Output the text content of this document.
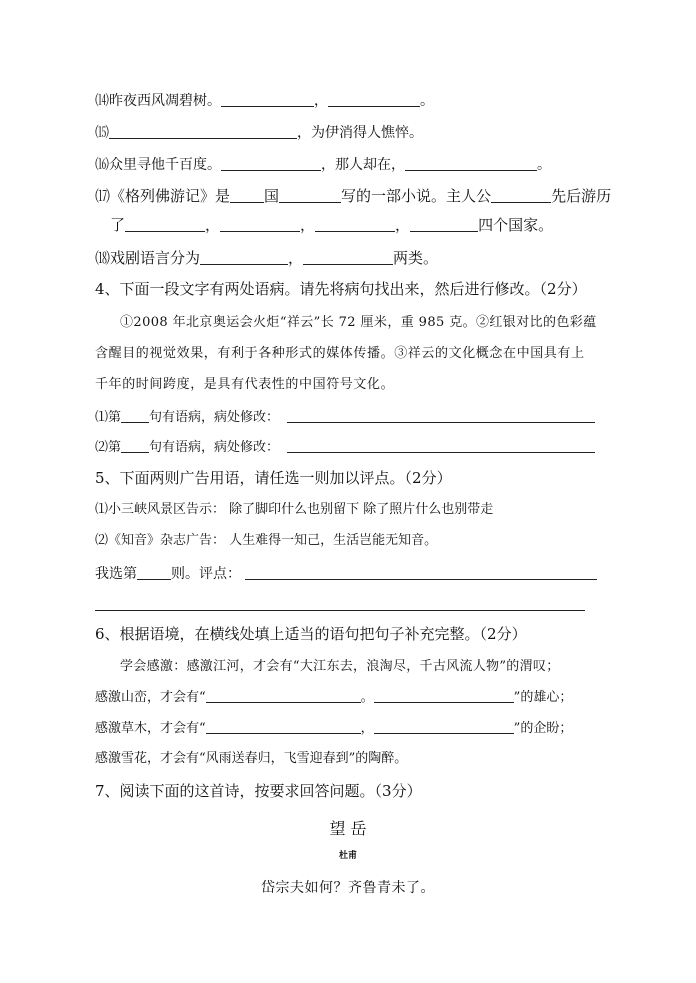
⒁昨夜西风凋碧树。	，	。
⒂	，为伊消得人憔悴。
⒃众里寻他千百度。	，那人却在，	。
⒄《格列佛游记》是 国	写的一部小说。主人公	先后游历
了	，	，	，	四个国家。
⒅戏剧语言分为	，	两类。
4、下面一段文字有两处语病。请先将病句找出来，然后进行修改。（2分）
①2008 年北京奥运会火炬“祥云”长 72 厘米，重 985 克。②红银对比的色彩蕴
含醒目的视觉效果，有利于各种形式的媒体传播。③祥云的文化概念在中国具有上
千年的时间跨度，是具有代表性的中国符号文化。
⑴第 句有语病，病处修改：
⑵第 句有语病，病处修改：
5、下面两则广告用语，请任选一则加以评点。（2分）
⑴小三峡风景区告示： 除了脚印什么也别留下 除了照片什么也别带走
⑵《知音》杂志广告： 人生难得一知己，生活岂能无知音。
我选第 则。评点：
6、根据语境，在横线处填上适当的语句把句子补充完整。（2分）
学会感激：感激江河，才会有“大江东去，浪淘尽，千古风流人物”的渭叹；
感激山峦，才会有“	。	”的雄心；
感激草木，才会有“	，	”的企盼；
感激雪花，才会有“风雨送春归，飞雪迎春到”的陶醉。
7、阅读下面的这首诗，按要求回答问题。（3分）
望 岳
杜甫
岱宗夫如何？齐鲁青未了。
